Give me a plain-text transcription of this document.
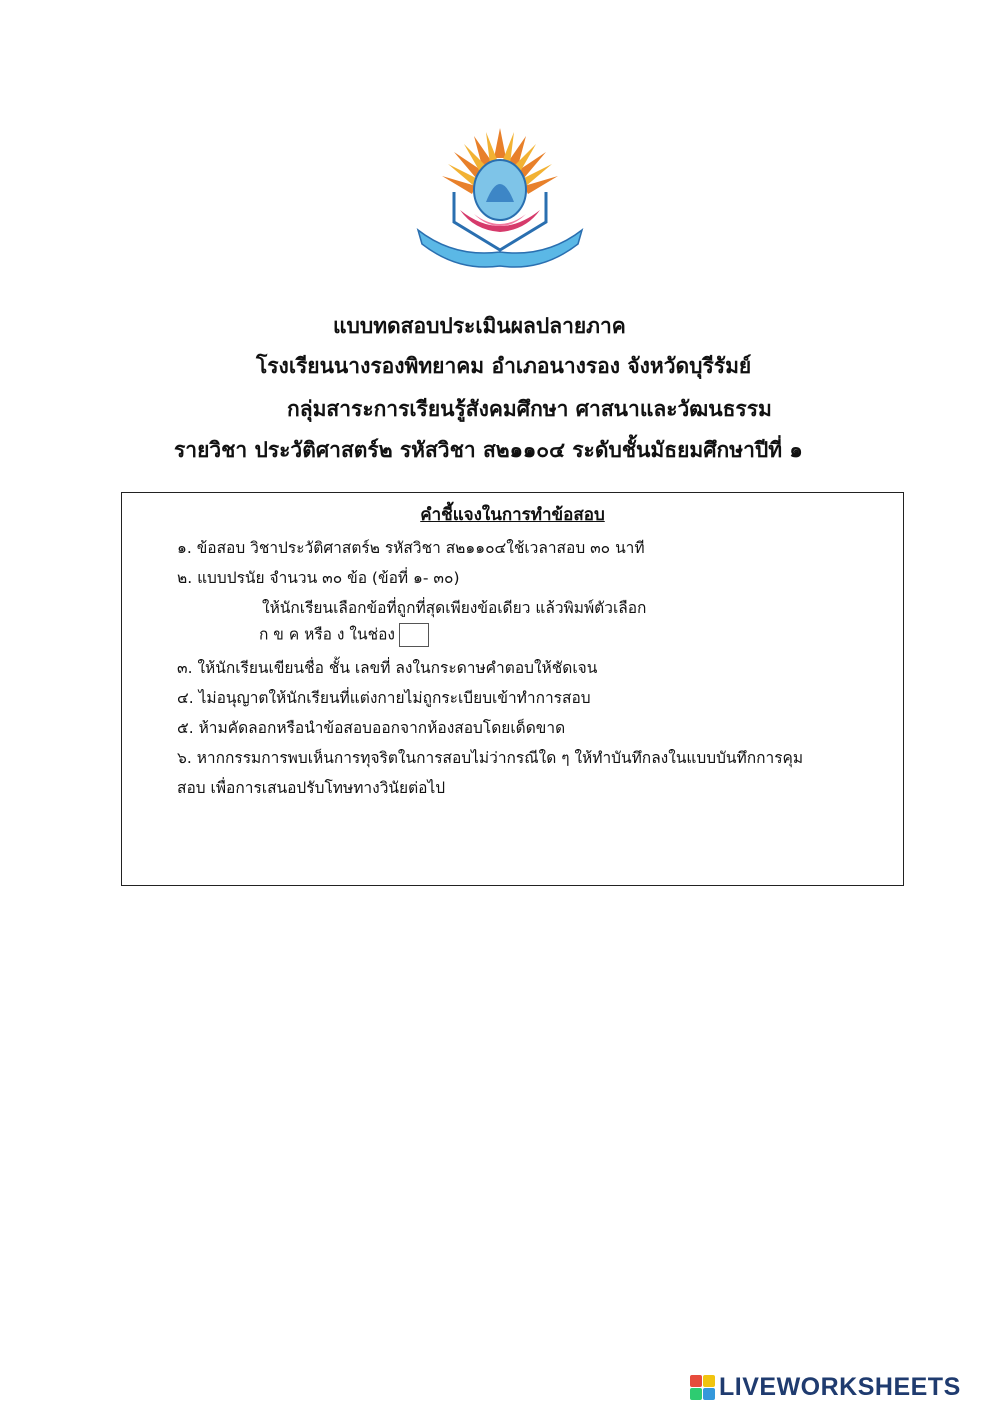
แบบทดสอบประเมินผลปลายภาค
โรงเรียนนางรองพิทยาคม อำเภอนางรอง จังหวัดบุรีรัมย์
กลุ่มสาระการเรียนรู้สังคมศึกษา ศาสนาและวัฒนธรรม
รายวิชา ประวัติศาสตร์๒ รหัสวิชา ส๒๑๑๐๔ ระดับชั้นมัธยมศึกษาปีที่ ๑
คำชี้แจงในการทำข้อสอบ
๑. ข้อสอบ วิชาประวัติศาสตร์๒ รหัสวิชา ส๒๑๑๐๔ใช้เวลาสอบ ๓๐ นาที
๒. แบบปรนัย จำนวน ๓๐ ข้อ (ข้อที่ ๑- ๓๐)
ให้นักเรียนเลือกข้อที่ถูกที่สุดเพียงข้อเดียว แล้วพิมพ์ตัวเลือก
ก ข ค หรือ ง ในช่อง
๓. ให้นักเรียนเขียนชื่อ ชั้น เลขที่ ลงในกระดาษคำตอบให้ชัดเจน
๔. ไม่อนุญาตให้นักเรียนที่แต่งกายไม่ถูกระเบียบเข้าทำการสอบ
๕. ห้ามคัดลอกหรือนำข้อสอบออกจากห้องสอบโดยเด็ดขาด
๖. หากกรรมการพบเห็นการทุจริตในการสอบไม่ว่ากรณีใด ๆ ให้ทำบันทึกลงในแบบบันทึกการคุม
สอบ เพื่อการเสนอปรับโทษทางวินัยต่อไป
LIVEWORKSHEETS
